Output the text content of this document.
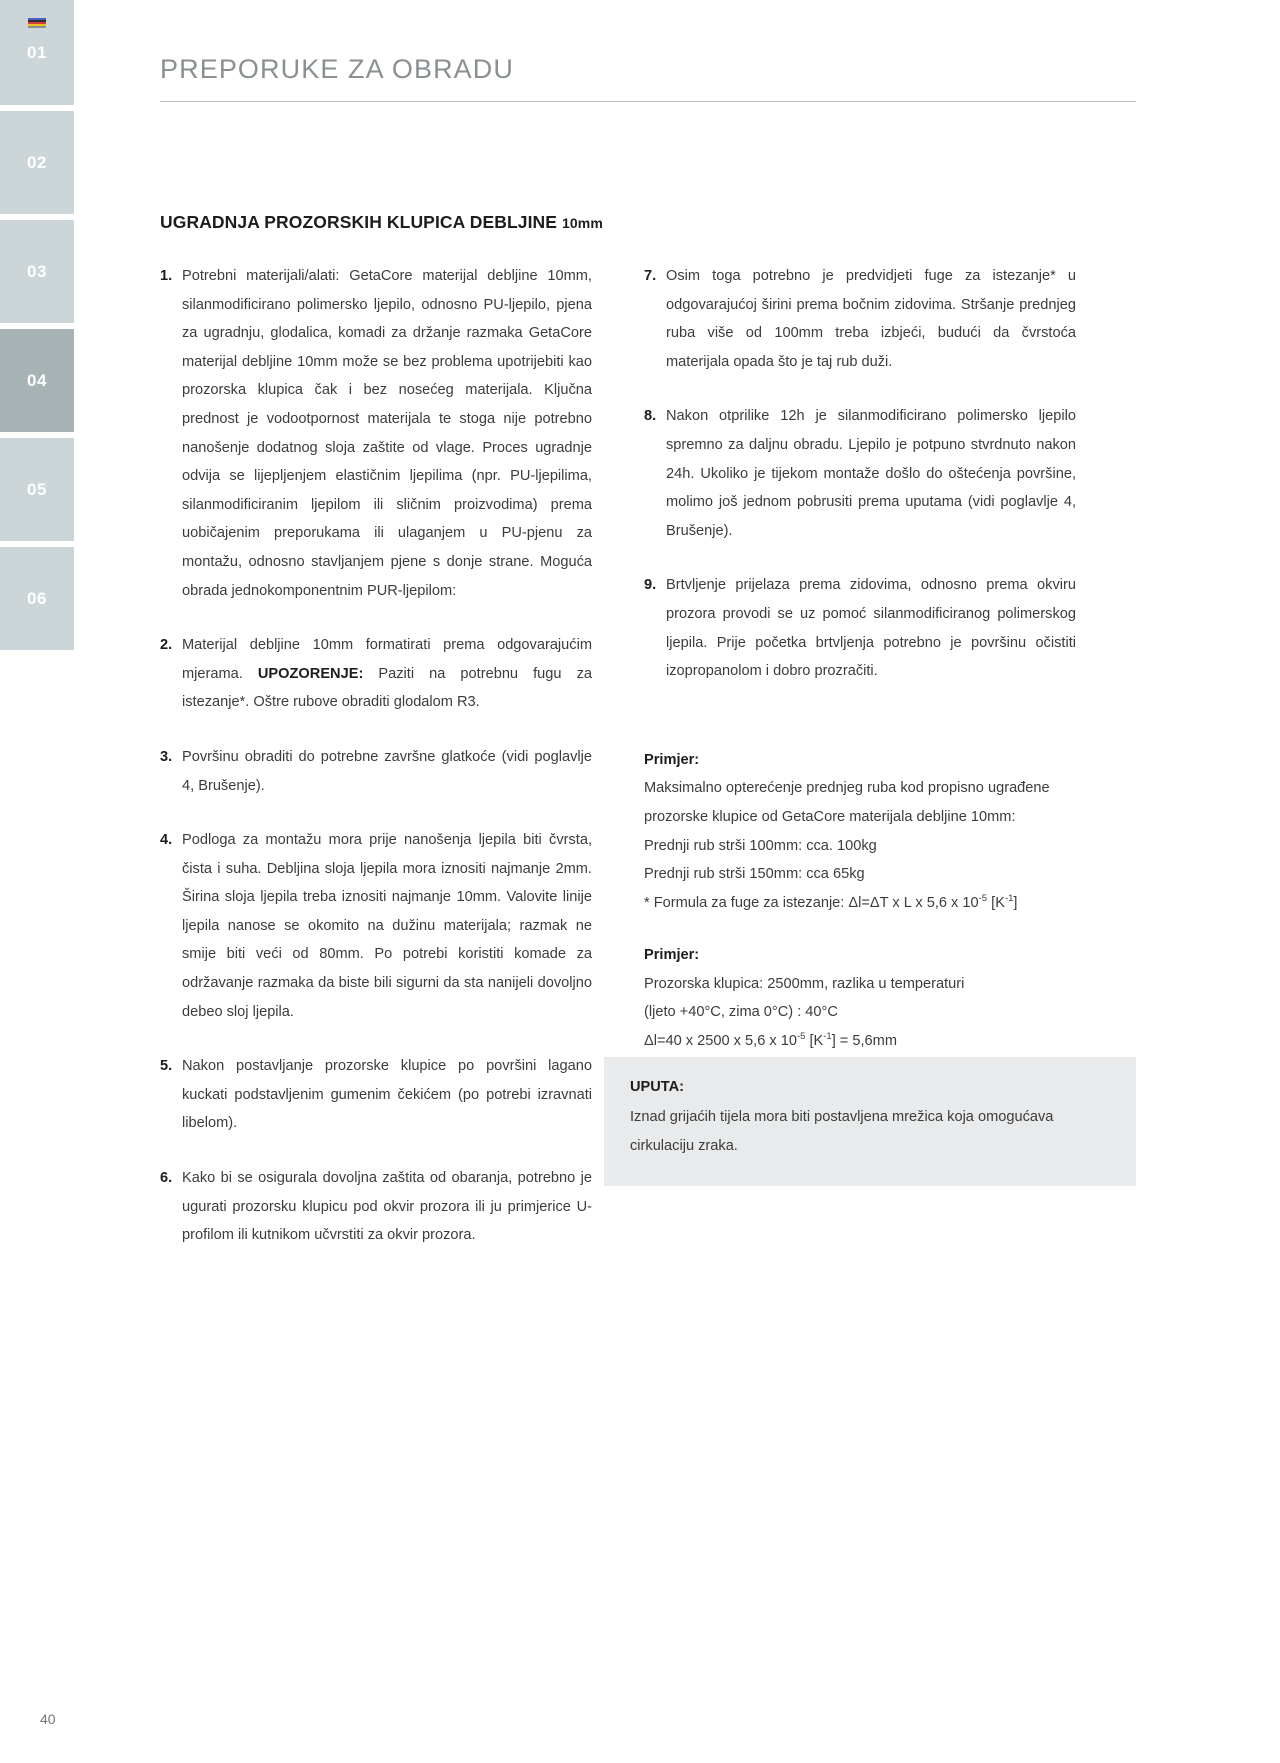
01
02
03
04
05
06
PREPORUKE ZA OBRADU
UGRADNJA PROZORSKIH KLUPICA DEBLJINE 10mm
1. Potrebni materijali/alati: GetaCore materijal debljine 10mm, silanmodificirano polimersko ljepilo, odnosno PU-ljepilo, pjena za ugradnju, glodalica, komadi za držanje razmaka GetaCore materijal debljine 10mm može se bez problema upotrijebiti kao prozorska klupica čak i bez nosećeg materijala. Ključna prednost je vodootpornost materijala te stoga nije potrebno nanošenje dodatnog sloja zaštite od vlage. Proces ugradnje odvija se lijepljenjem elastičnim ljepilima (npr. PU-ljepilima, silanmodificiranim ljepilom ili sličnim proizvodima) prema uobičajenim preporukama ili ulaganjem u PU-pjenu za montažu, odnosno stavljanjem pjene s donje strane. Moguća obrada jednokomponentnim PUR-ljepilom:
2. Materijal debljine 10mm formatirati prema odgovarajućim mjerama. UPOZORENJE: Paziti na potrebnu fugu za istezanje*. Oštre rubove obraditi glodalom R3.
3. Površinu obraditi do potrebne završne glatkoće (vidi poglavlje 4, Brušenje).
4. Podloga za montažu mora prije nanošenja ljepila biti čvrsta, čista i suha. Debljina sloja ljepila mora iznositi najmanje 2mm. Širina sloja ljepila treba iznositi najmanje 10mm. Valovite linije ljepila nanose se okomito na dužinu materijala; razmak ne smije biti veći od 80mm. Po potrebi koristiti komade za održavanje razmaka da biste bili sigurni da sta nanijeli dovoljno debeo sloj ljepila.
5. Nakon postavljanje prozorske klupice po površini lagano kuckati podstavljenim gumenim čekićem (po potrebi izravnati libelom).
6. Kako bi se osigurala dovoljna zaštita od obaranja, potrebno je ugurati prozorsku klupicu pod okvir prozora ili ju primjerice U-profilom ili kutnikom učvrstiti za okvir prozora.
7. Osim toga potrebno je predvidjeti fuge za istezanje* u odgovarajućoj širini prema bočnim zidovima. Stršanje prednjeg ruba više od 100mm treba izbjeći, budući da čvrstoća materijala opada što je taj rub duži.
8. Nakon otprilike 12h je silanmodificirano polimersko ljepilo spremno za daljnu obradu. Ljepilo je potpuno stvrdnuto nakon 24h. Ukoliko je tijekom montaže došlo do oštećenja površine, molimo još jednom pobrusiti prema uputama (vidi poglavlje 4, Brušenje).
9. Brtvljenje prijelaza prema zidovima, odnosno prema okviru prozora provodi se uz pomoć silanmodificiranog polimerskog ljepila. Prije početka brtvljenja potrebno je površinu očistiti izopropanolom i dobro prozračiti.
Primjer:
Maksimalno opterećenje prednjeg ruba kod propisno ugrađene prozorske klupice od GetaCore materijala debljine 10mm:
Prednji rub strši 100mm: cca. 100kg
Prednji rub strši 150mm: cca 65kg
* Formula za fuge za istezanje: Δl=ΔT x L x 5,6 x $10^{-5}$ $[K^{-1}]$
Primjer:
Prozorska klupica: 2500mm, razlika u temperaturi
(ljeto +40°C, zima 0°C) : 40°C
Δl=40 x 2500 x 5,6 x $10^{-5}$ $[K^{-1}] = 5,6mm$
UPUTA:
Iznad grijaćih tijela mora biti postavljena mrežica koja omogućava cirkulaciju zraka.
40
